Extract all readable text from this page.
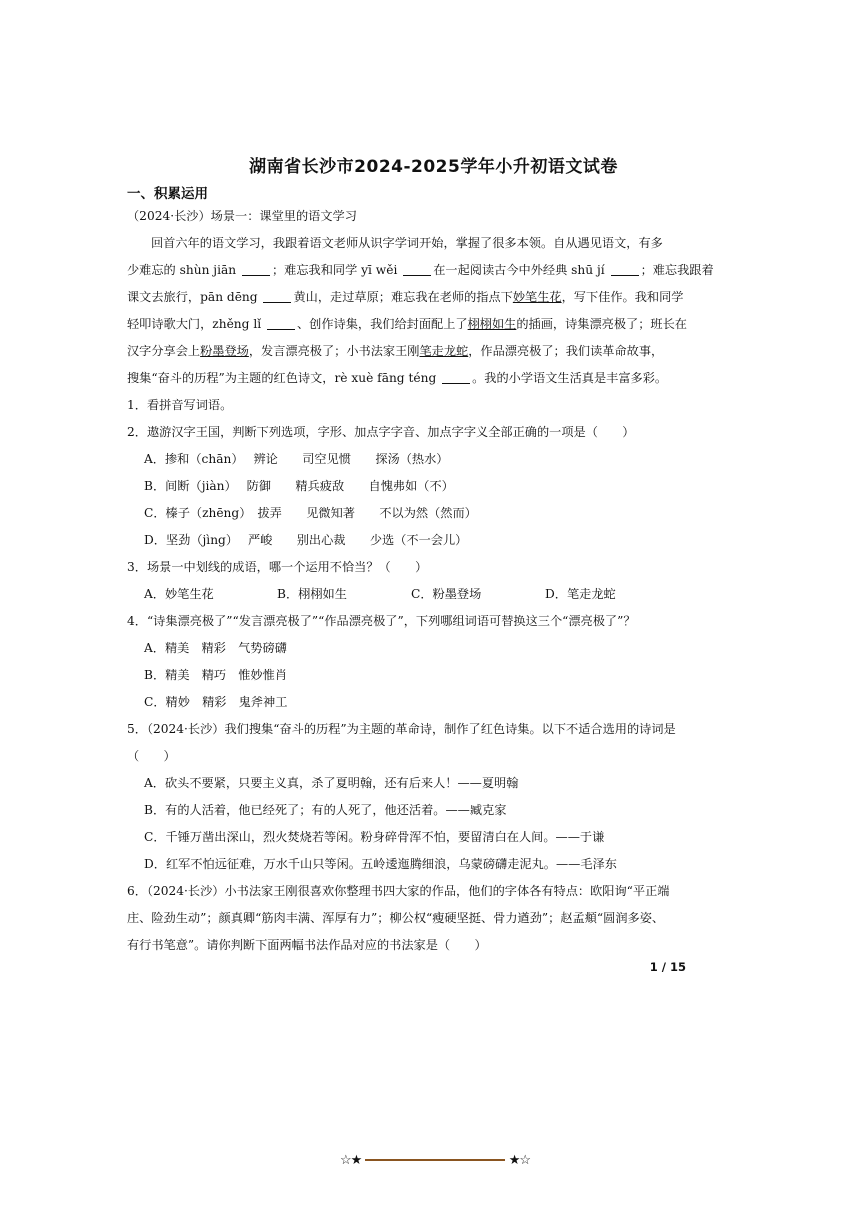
湖南省长沙市2024-2025学年小升初语文试卷
一、积累运用
（2024·长沙）场景一：课堂里的语文学习
回首六年的语文学习，我跟着语文老师从识字学词开始，掌握了很多本领。自从遇见语文，有多
少难忘的 shùn jiān	；难忘我和同学 yī wěi	在一起阅读古今中外经典 shū jí	；难忘我跟着
课文去旅行，pān dēng	黄山，走过草原；难忘我在老师的指点下妙笔生花，写下佳作。我和同学
轻叩诗歌大门，zhěng lǐ	、创作诗集，我们给封面配上了栩栩如生的插画，诗集漂亮极了；班长在
汉字分享会上粉墨登场，发言漂亮极了；小书法家王刚笔走龙蛇，作品漂亮极了；我们读革命故事，
搜集“奋斗的历程”为主题的红色诗文，rè xuè fāng téng	。我的小学语文生活真是丰富多彩。
1．看拼音写词语。
2．遨游汉字王国，判断下列选项，字形、加点字字音、加点字字义全部正确的一项是（　　）
A．掺和（chān）　 辨论　　司空见惯　　探汤（热水）
B．间断（jiàn）　 防御　　精兵疲敌　　自愧弗如（不）
C．榛子（zhēng）　拔弄　　见微知著　　不以为然（然而）
D．坚劲（jìng）　 严峻　　别出心裁　　少选（不一会儿）
3．场景一中划线的成语，哪一个运用不恰当？（　　）
A．妙笔生花	B．栩栩如生	C．粉墨登场	D．笔走龙蛇
4．“诗集漂亮极了”“发言漂亮极了”“作品漂亮极了”，下列哪组词语可替换这三个“漂亮极了”？
A．精美　精彩　气势磅礴
B．精美　精巧　惟妙惟肖
C．精妙　精彩　鬼斧神工
5．（2024·长沙）我们搜集“奋斗的历程”为主题的革命诗，制作了红色诗集。以下不适合选用的诗词是
（　　）
A．砍头不要紧，只要主义真，杀了夏明翰，还有后来人！——夏明翰
B．有的人活着，他已经死了；有的人死了，他还活着。——臧克家
C．千锤万凿出深山，烈火焚烧若等闲。粉身碎骨浑不怕，要留清白在人间。——于谦
D．红军不怕远征难，万水千山只等闲。五岭逶迤腾细浪，乌蒙磅礴走泥丸。——毛泽东
6．（2024·长沙）小书法家王刚很喜欢你整理书四大家的作品，他们的字体各有特点：欧阳询“平正端
庄、险劲生动”；颜真卿“筋肉丰满、浑厚有力”；柳公权“瘦硬坚挺、骨力遒劲”；赵孟頫“圆润多姿、
有行书笔意”。请你判断下面两幅书法作品对应的书法家是（　　）
1 / 15
☆★	★☆
